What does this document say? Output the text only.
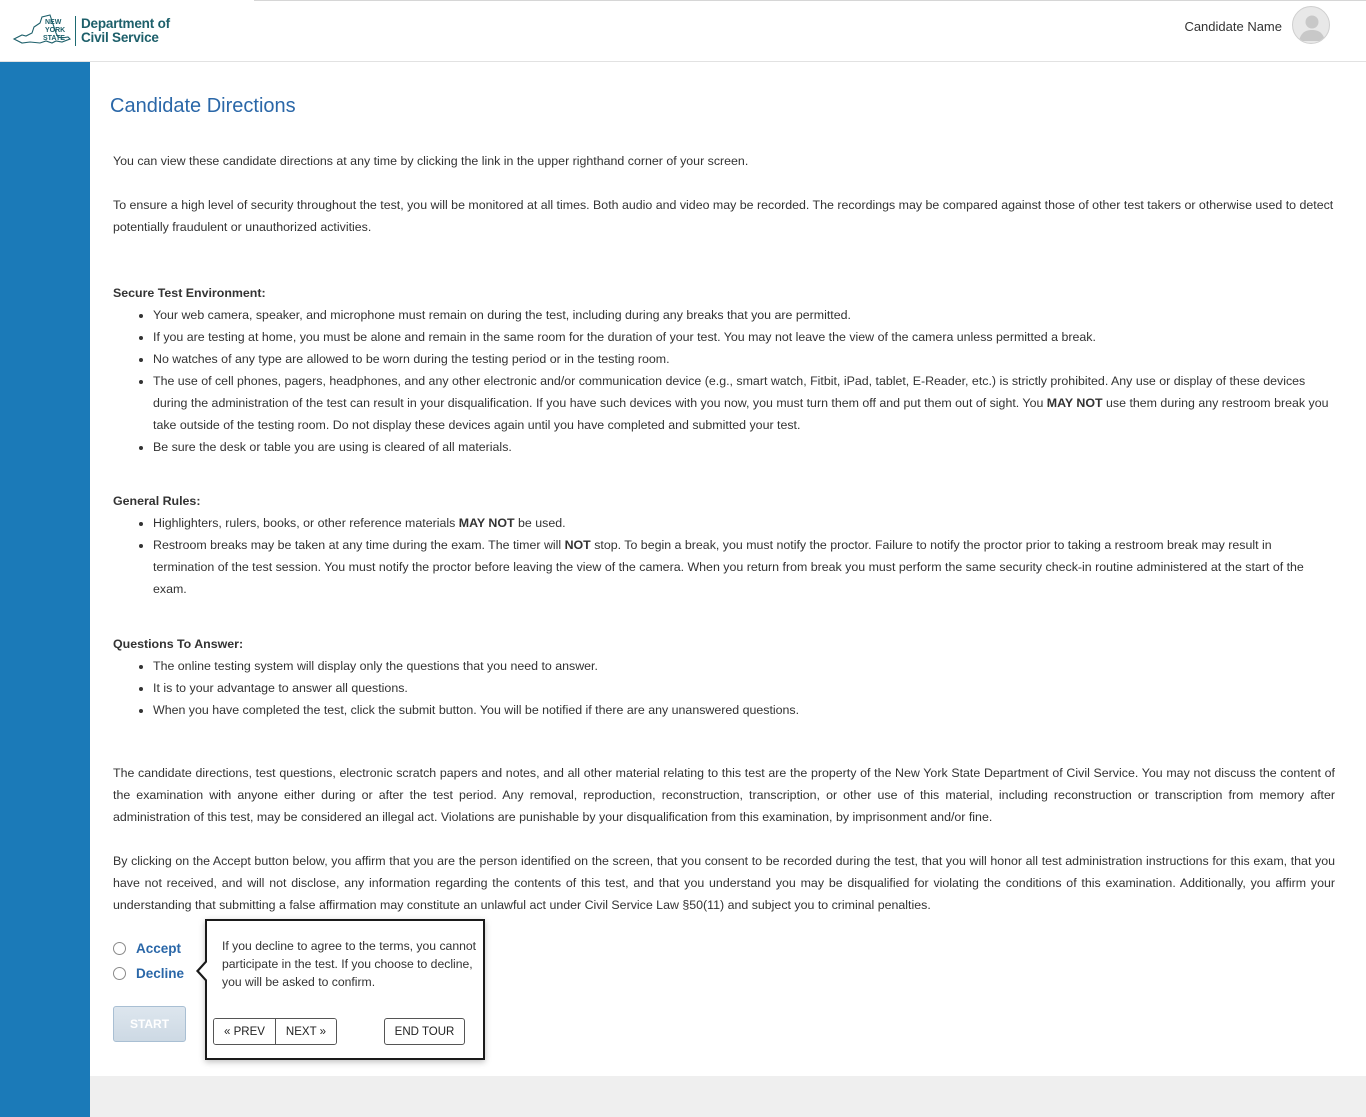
NEW
YORK
STATE
Department of
Civil Service
Candidate Name
Candidate Directions

You can view these candidate directions at any time by clicking the link in the upper righthand corner of your screen.

To ensure a high level of security throughout the test, you will be monitored at all times. Both audio and video may be recorded. The recordings may be compared against those of other test takers or otherwise used to detect potentially fraudulent or unauthorized activities.

Secure Test Environment:

• Your web camera, speaker, and microphone must remain on during the test, including during any breaks that you are permitted.
• If you are testing at home, you must be alone and remain in the same room for the duration of your test. You may not leave the view of the camera unless permitted a break.
• No watches of any type are allowed to be worn during the testing period or in the testing room.
• The use of cell phones, pagers, headphones, and any other electronic and/or communication device (e.g., smart watch, Fitbit, iPad, tablet, E-Reader, etc.) is strictly prohibited. Any use or display of these devices during the administration of the test can result in your disqualification. If you have such devices with you now, you must turn them off and put them out of sight. You MAY NOT use them during any restroom break you take outside of the testing room. Do not display these devices again until you have completed and submitted your test.
• Be sure the desk or table you are using is cleared of all materials.

General Rules:

• Highlighters, rulers, books, or other reference materials MAY NOT be used.
• Restroom breaks may be taken at any time during the exam. The timer will NOT stop. To begin a break, you must notify the proctor. Failure to notify the proctor prior to taking a restroom break may result in termination of the test session. You must notify the proctor before leaving the view of the camera. When you return from break you must perform the same security check-in routine administered at the start of the exam.

Questions To Answer:

• The online testing system will display only the questions that you need to answer.
• It is to your advantage to answer all questions.
• When you have completed the test, click the submit button. You will be notified if there are any unanswered questions.

The candidate directions, test questions, electronic scratch papers and notes, and all other material relating to this test are the property of the New York State Department of Civil Service. You may not discuss the content of the examination with anyone either during or after the test period. Any removal, reproduction, reconstruction, transcription, or other use of this material, including reconstruction or transcription from memory after administration of this test, may be considered an illegal act. Violations are punishable by your disqualification from this examination, by imprisonment and/or fine.

By clicking on the Accept button below, you affirm that you are the person identified on the screen, that you consent to be recorded during the test, that you will honor all test administration instructions for this exam, that you have not received, and will not disclose, any information regarding the contents of this test, and that you understand you may be disqualified for violating the conditions of this examination. Additionally, you affirm your understanding that submitting a false affirmation may constitute an unlawful act under Civil Service Law §50(11) and subject you to criminal penalties.

Accept
Decline
START
If you decline to agree to the terms, you cannot participate in the test. If you choose to decline, you will be asked to confirm.
« PREV	NEXT »	END TOUR
